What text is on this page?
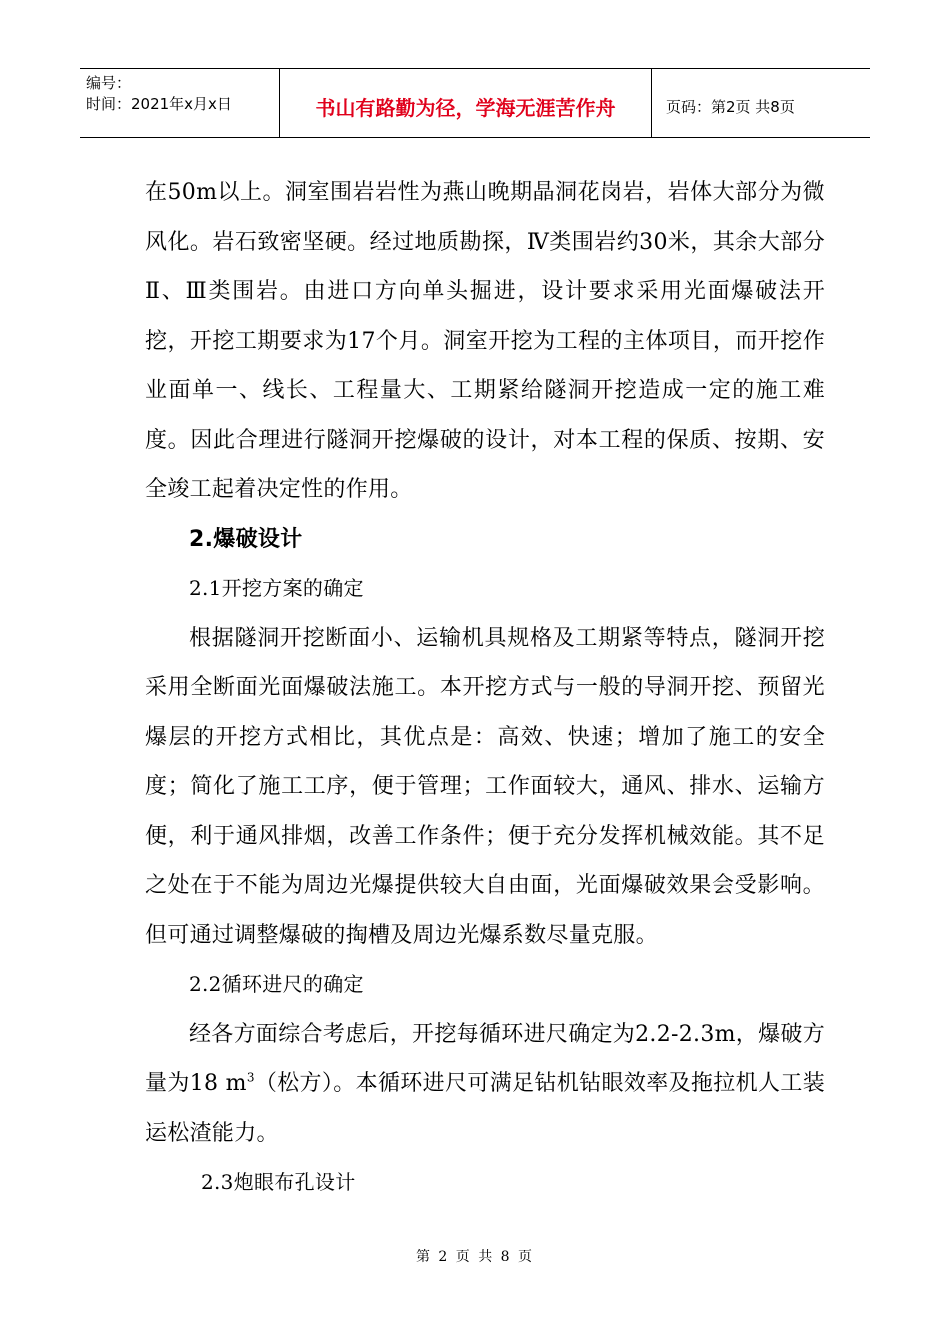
编号：
时间：2021年x月x日	书山有路勤为径，学海无涯苦作舟	页码：第2页 共8页

在50m以上。洞室围岩岩性为燕山晚期晶洞花岗岩，岩体大部分为微风化。岩石致密坚硬。经过地质勘探，Ⅳ类围岩约30米，其余大部分Ⅱ、Ⅲ类围岩。由进口方向单头掘进，设计要求采用光面爆破法开挖，开挖工期要求为17个月。洞室开挖为工程的主体项目，而开挖作业面单一、线长、工程量大、工期紧给隧洞开挖造成一定的施工难度。因此合理进行隧洞开挖爆破的设计，对本工程的保质、按期、安全竣工起着决定性的作用。

2.爆破设计

2.1开挖方案的确定

根据隧洞开挖断面小、运输机具规格及工期紧等特点，隧洞开挖采用全断面光面爆破法施工。本开挖方式与一般的导洞开挖、预留光爆层的开挖方式相比，其优点是：高效、快速；增加了施工的安全度；简化了施工工序，便于管理；工作面较大，通风、排水、运输方便，利于通风排烟，改善工作条件；便于充分发挥机械效能。其不足之处在于不能为周边光爆提供较大自由面，光面爆破效果会受影响。但可通过调整爆破的掏槽及周边光爆系数尽量克服。

2.2循环进尺的确定

经各方面综合考虑后，开挖每循环进尺确定为2.2-2.3m，爆破方量为18 $m^3$（松方）。本循环进尺可满足钻机钻眼效率及拖拉机人工装运松渣能力。

2.3炮眼布孔设计

第 2 页 共 8 页
